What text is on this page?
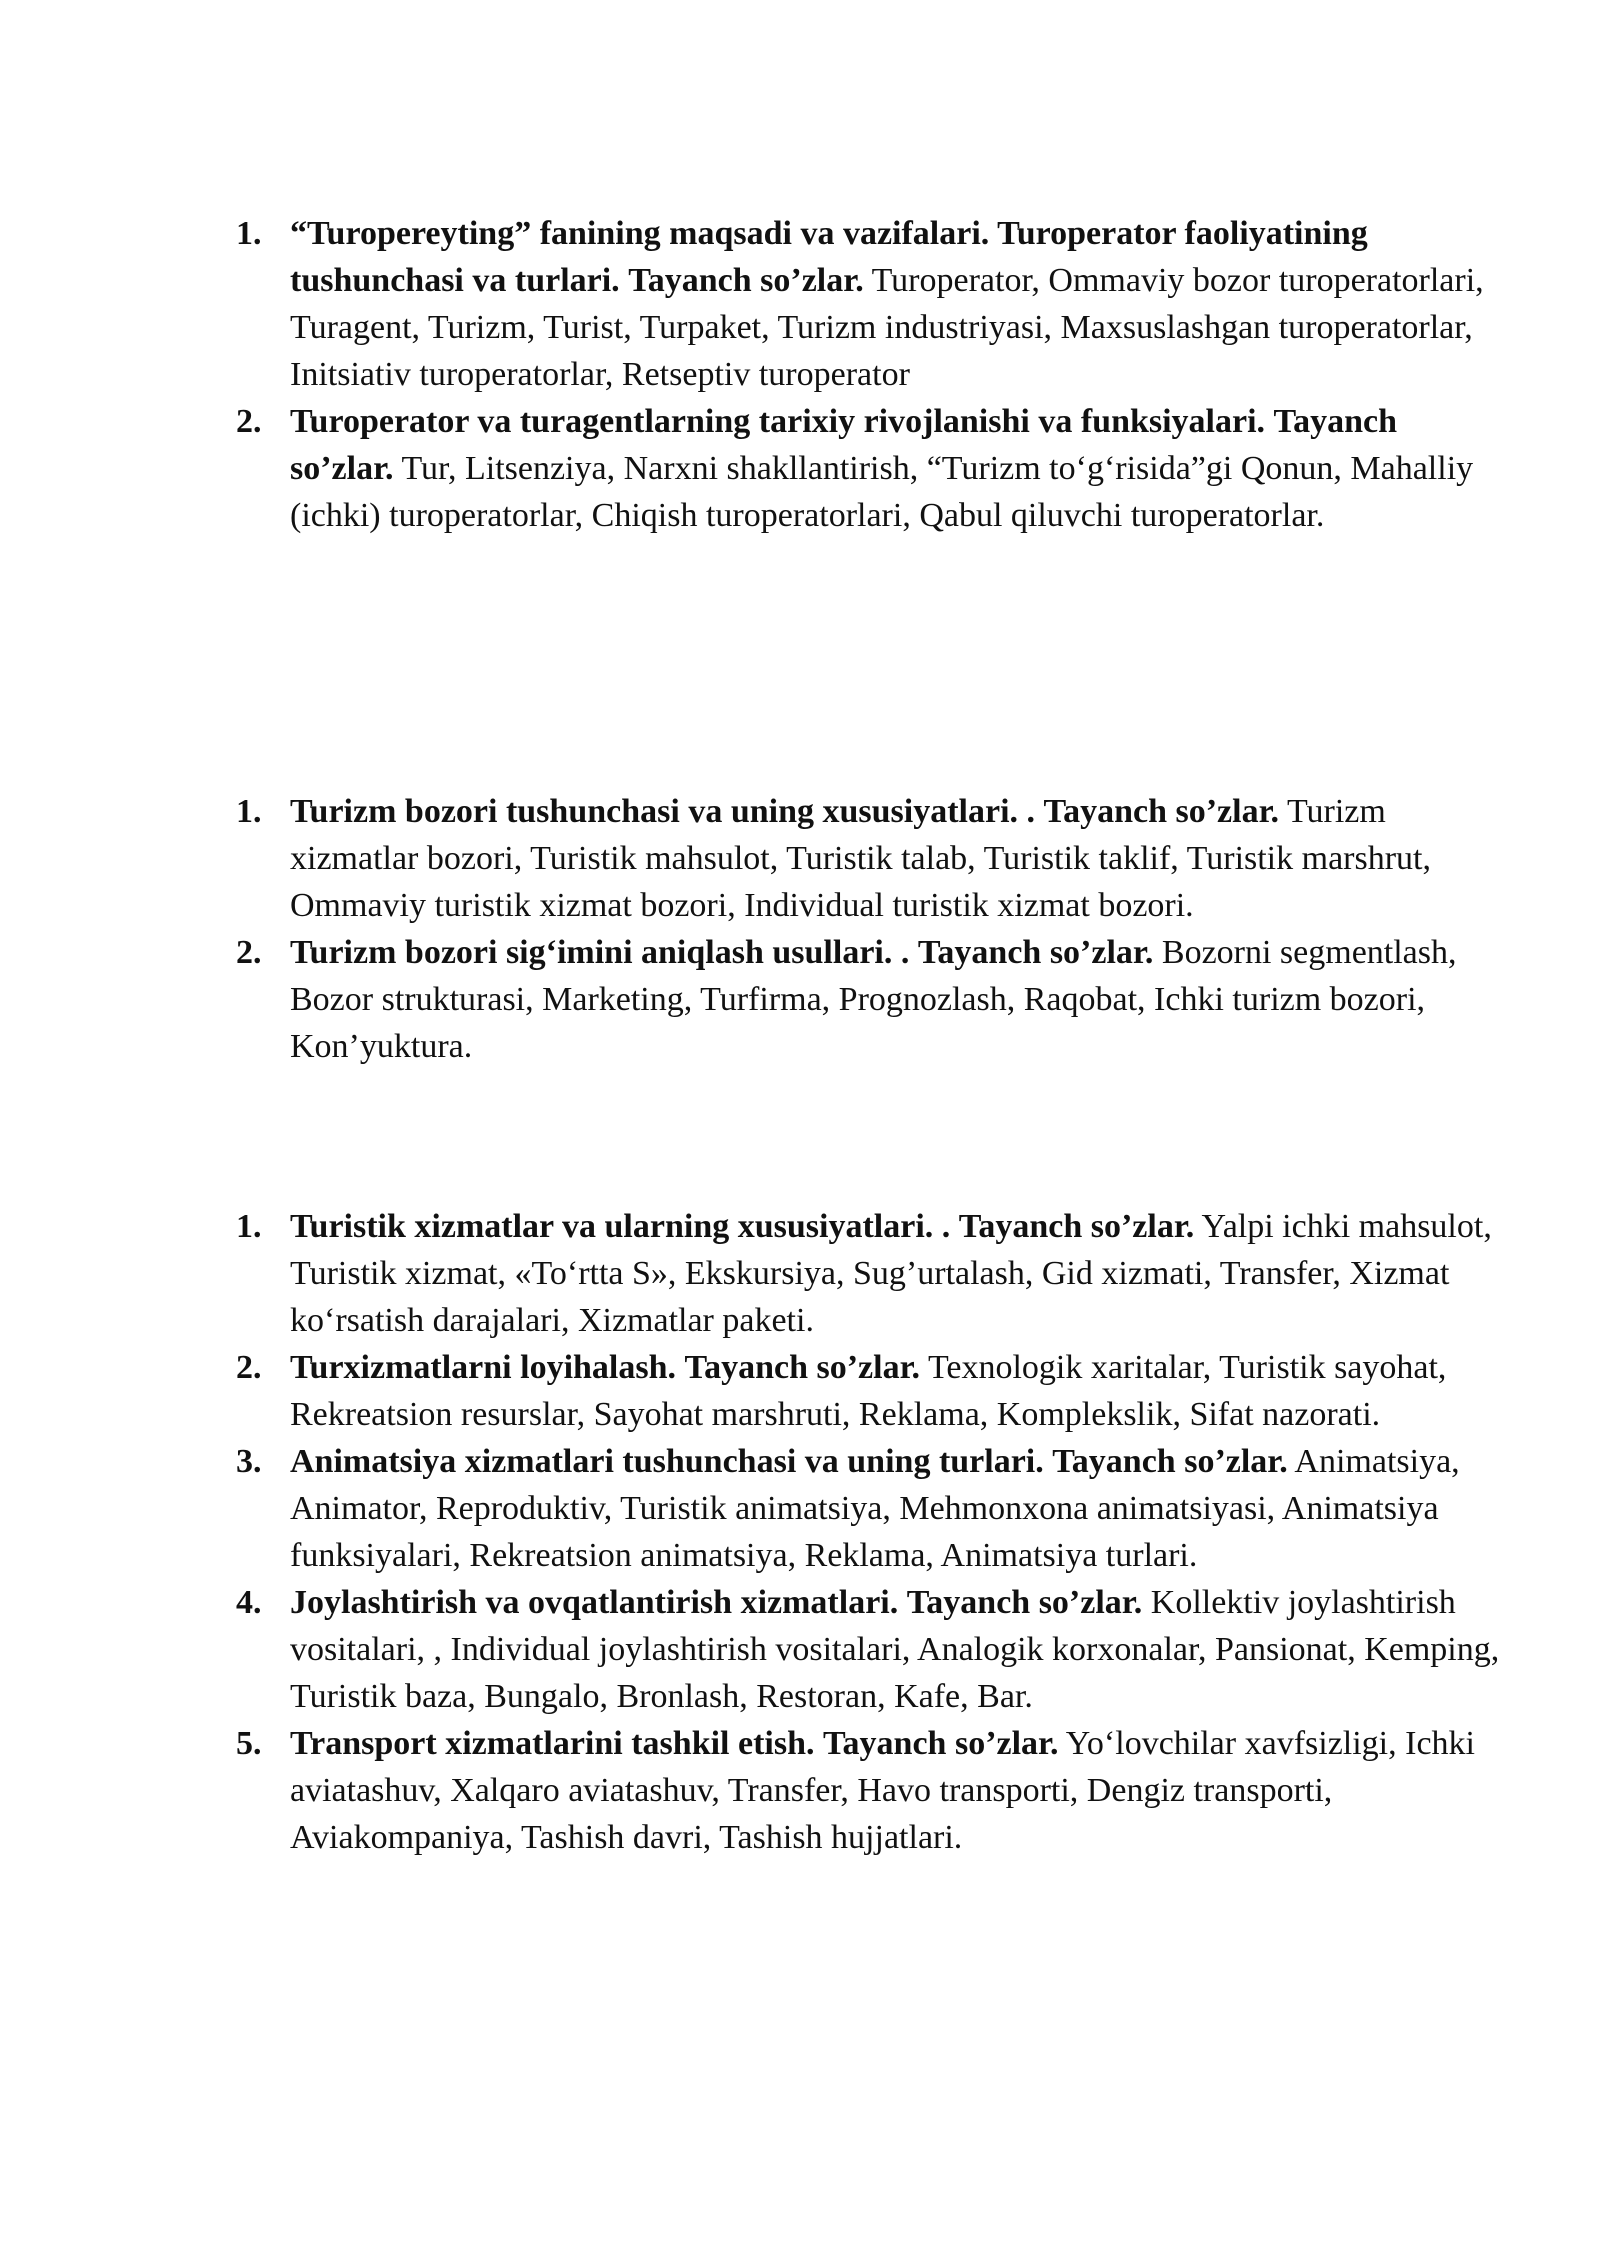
1. “Turopereyting” fanining maqsadi va vazifalari. Turoperator faoliyatining tushunchasi va turlari. Tayanch so’zlar. Turoperator, Ommaviy bozor turoperatorlari, Turagent, Turizm, Turist, Turpaket, Turizm industriyasi, Maxsuslashgan turoperatorlar, Initsiativ turoperatorlar, Retseptiv turoperator
2. Turoperator va turagentlarning tarixiy rivojlanishi va funksiyalari. Tayanch so’zlar. Tur, Litsenziya, Narxni shakllantirish, “Turizm to‘g‘risida”gi Qonun, Mahalliy (ichki) turoperatorlar, Chiqish turoperatorlari, Qabul qiluvchi turoperatorlar.
1. Turizm bozori tushunchasi va uning xususiyatlari. . Tayanch so’zlar. Turizm xizmatlar bozori, Turistik mahsulot, Turistik talab, Turistik taklif, Turistik marshrut, Ommaviy turistik xizmat bozori, Individual turistik xizmat bozori.
2. Turizm bozori sig‘imini aniqlash usullari. . Tayanch so’zlar. Bozorni segmentlash, Bozor strukturasi, Marketing, Turfirma, Prognozlash, Raqobat, Ichki turizm bozori, Kon’yuktura.
1. Turistik xizmatlar va ularning xususiyatlari. . Tayanch so’zlar. Yalpi ichki mahsulot, Turistik xizmat, «To‘rtta S», Ekskursiya, Sug’urtalash, Gid xizmati, Transfer, Xizmat ko‘rsatish darajalari, Xizmatlar paketi.
2. Turxizmatlarni loyihalash. Tayanch so’zlar. Texnologik xaritalar, Turistik sayohat, Rekreatsion resurslar, Sayohat marshruti, Reklama, Komplekslik, Sifat nazorati.
3. Animatsiya xizmatlari tushunchasi va uning turlari. Tayanch so’zlar. Animatsiya, Animator, Reproduktiv, Turistik animatsiya, Mehmonxona animatsiyasi, Animatsiya funksiyalari, Rekreatsion animatsiya, Reklama, Animatsiya turlari.
4. Joylashtirish va ovqatlantirish xizmatlari. Tayanch so’zlar. Kollektiv joylashtirish vositalari, , Individual joylashtirish vositalari, Analogik korxonalar, Pansionat, Kemping, Turistik baza, Bungalo, Bronlash, Restoran, Kafe, Bar.
5. Transport xizmatlarini tashkil etish. Tayanch so’zlar. Yo‘lovchilar xavfsizligi, Ichki aviatashuv, Xalqaro aviatashuv, Transfer, Havo transporti, Dengiz transporti, Aviakompaniya, Tashish davri, Tashish hujjatlari.
